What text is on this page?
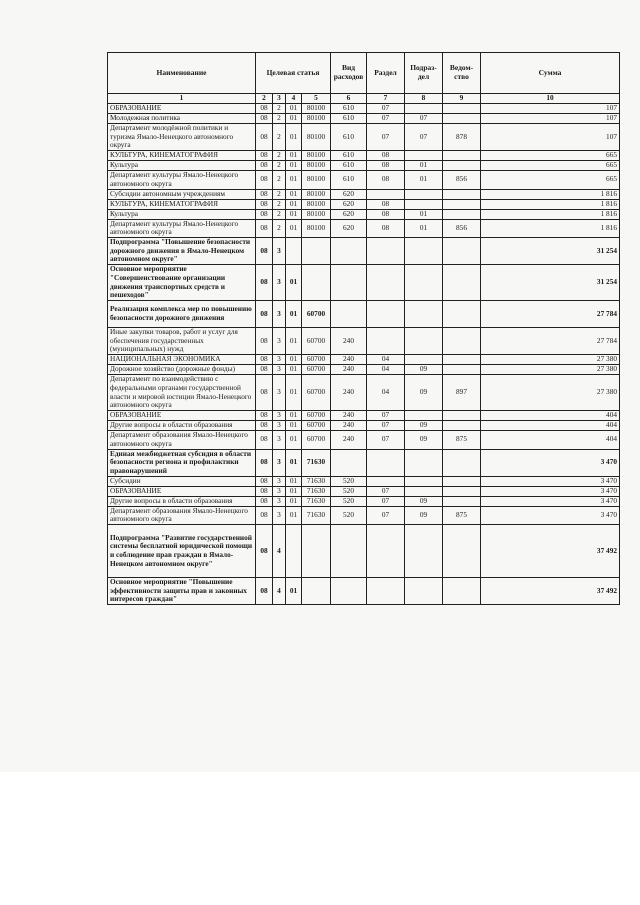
Наименование	Целевая статья				Вид расходов	Раздел	Подраз-дел	Ведом-ство	Сумма
1	2	3	4	5	6	7	8	9	10
ОБРАЗОВАНИЕ	08	2	01	80100	610	07			107
Молодежная политика	08	2	01	80100	610	07	07		107
Департамент молодёжной политики и туризма Ямало-Ненецкого автономного округа	08	2	01	80100	610	07	07	878	107
КУЛЬТУРА, КИНЕМАТОГРАФИЯ	08	2	01	80100	610	08			665
Культура	08	2	01	80100	610	08	01		665
Департамент культуры Ямало-Ненецкого автономного округа	08	2	01	80100	610	08	01	856	665
Субсидии автономным учреждениям	08	2	01	80100	620				1 816
КУЛЬТУРА, КИНЕМАТОГРАФИЯ	08	2	01	80100	620	08			1 816
Культура	08	2	01	80100	620	08	01		1 816
Департамент культуры Ямало-Ненецкого автономного округа	08	2	01	80100	620	08	01	856	1 816
Подпрограмма "Повышение безопасности дорожного движения в Ямало-Ненецком автономном округе"	08	3							31 254
Основное мероприятие "Совершенствование организации движения транспортных средств и пешеходов"	08	3	01						31 254
Реализация комплекса мер по повышению безопасности дорожного движения	08	3	01	60700					27 784
Иные закупки товаров, работ и услуг для обеспечения государственных (муниципальных) нужд	08	3	01	60700	240				27 784
НАЦИОНАЛЬНАЯ ЭКОНОМИКА	08	3	01	60700	240	04			27 380
Дорожное хозяйство (дорожные фонды)	08	3	01	60700	240	04	09		27 380
Департамент по взаимодействию с федеральными органами государственной власти и мировой юстиции Ямало-Ненецкого автономного округа	08	3	01	60700	240	04	09	897	27 380
ОБРАЗОВАНИЕ	08	3	01	60700	240	07			404
Другие вопросы в области образования	08	3	01	60700	240	07	09		404
Департамент образования Ямало-Ненецкого автономного округа	08	3	01	60700	240	07	09	875	404
Единая межбюджетная субсидия в области безопасности региона и профилактики правонарушений	08	3	01	71630					3 470
Субсидии	08	3	01	71630	520				3 470
ОБРАЗОВАНИЕ	08	3	01	71630	520	07			3 470
Другие вопросы в области образования	08	3	01	71630	520	07	09		3 470
Департамент образования Ямало-Ненецкого автономного округа	08	3	01	71630	520	07	09	875	3 470
Подпрограмма "Развитие государственной системы бесплатной юридической помощи и соблюдение прав граждан в Ямало-Ненецком автономном округе"	08	4							37 492
Основное мероприятие "Повышение эффективности защиты прав и законных интересов граждан"	08	4	01						37 492
